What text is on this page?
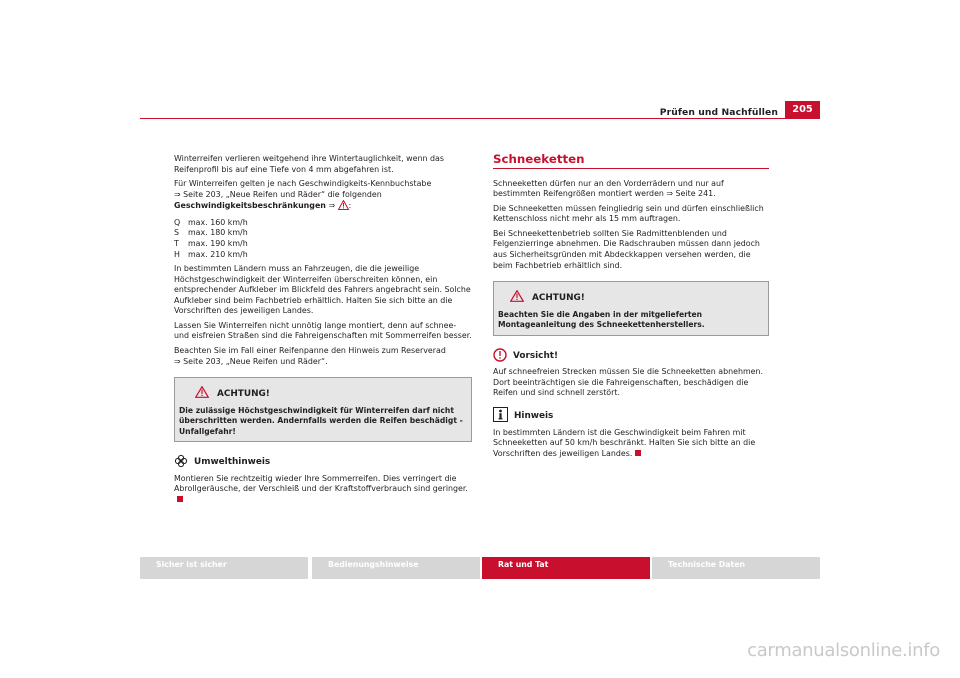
Prüfen und Nachfüllen	205

Winterreifen verlieren weitgehend ihre Wintertauglichkeit, wenn das Reifenprofil bis auf eine Tiefe von 4 mm abgefahren ist.

Für Winterreifen gelten je nach Geschwindigkeits-Kennbuchstabe
⇒ Seite 203, „Neue Reifen und Räder“ die folgenden Geschwindigkeitsbeschränkungen ⇒ :

Q max. 160 km/h
S	max. 180 km/h
T	max. 190 km/h
H	max. 210 km/h

In bestimmten Ländern muss an Fahrzeugen, die die jeweilige Höchstgeschwindigkeit der Winterreifen überschreiten können, ein entsprechender Aufkleber im Blickfeld des Fahrers angebracht sein. Solche Aufkleber sind beim Fachbetrieb erhältlich. Halten Sie sich bitte an die Vorschriften des jeweiligen Landes.

Lassen Sie Winterreifen nicht unnötig lange montiert, denn auf schnee- und eisfreien Straßen sind die Fahreigenschaften mit Sommerreifen besser.

Beachten Sie im Fall einer Reifenpanne den Hinweis zum Reserverad
⇒ Seite 203, „Neue Reifen und Räder“.

ACHTUNG!
Die zulässige Höchstgeschwindigkeit für Winterreifen darf nicht überschritten werden. Andernfalls werden die Reifen beschädigt - Unfallgefahr!
Umwelthinweis

Montieren Sie rechtzeitig wieder Ihre Sommerreifen. Dies verringert die Abrollgeräusche, der Verschleiß und der Kraftstoffverbrauch sind geringer.

Schneeketten

Schneeketten dürfen nur an den Vorderrädern und nur auf bestimmten Reifengrößen montiert werden ⇒ Seite 241.

Die Schneeketten müssen feingliedrig sein und dürfen einschließlich Kettenschloss nicht mehr als 15 mm auftragen.

Bei Schneekettenbetrieb sollten Sie Radmittenblenden und Felgenzierringe abnehmen. Die Radschrauben müssen dann jedoch aus Sicherheitsgründen mit Abdeckkappen versehen werden, die beim Fachbetrieb erhältlich sind.

ACHTUNG!
Beachten Sie die Angaben in der mitgelieferten Montageanleitung des Schneekettenherstellers.
Vorsicht!

Auf schneefreien Strecken müssen Sie die Schneeketten abnehmen. Dort beeinträchtigen sie die Fahreigenschaften, beschädigen die Reifen und sind schnell zerstört.

Hinweis

In bestimmten Ländern ist die Geschwindigkeit beim Fahren mit Schneeketten auf 50 km/h beschränkt. Halten Sie sich bitte an die Vorschriften des jeweiligen Landes.

Sicher ist sicher	Bedienungshinweise	Rat und Tat	Technische Daten
carmanualsonline.info
